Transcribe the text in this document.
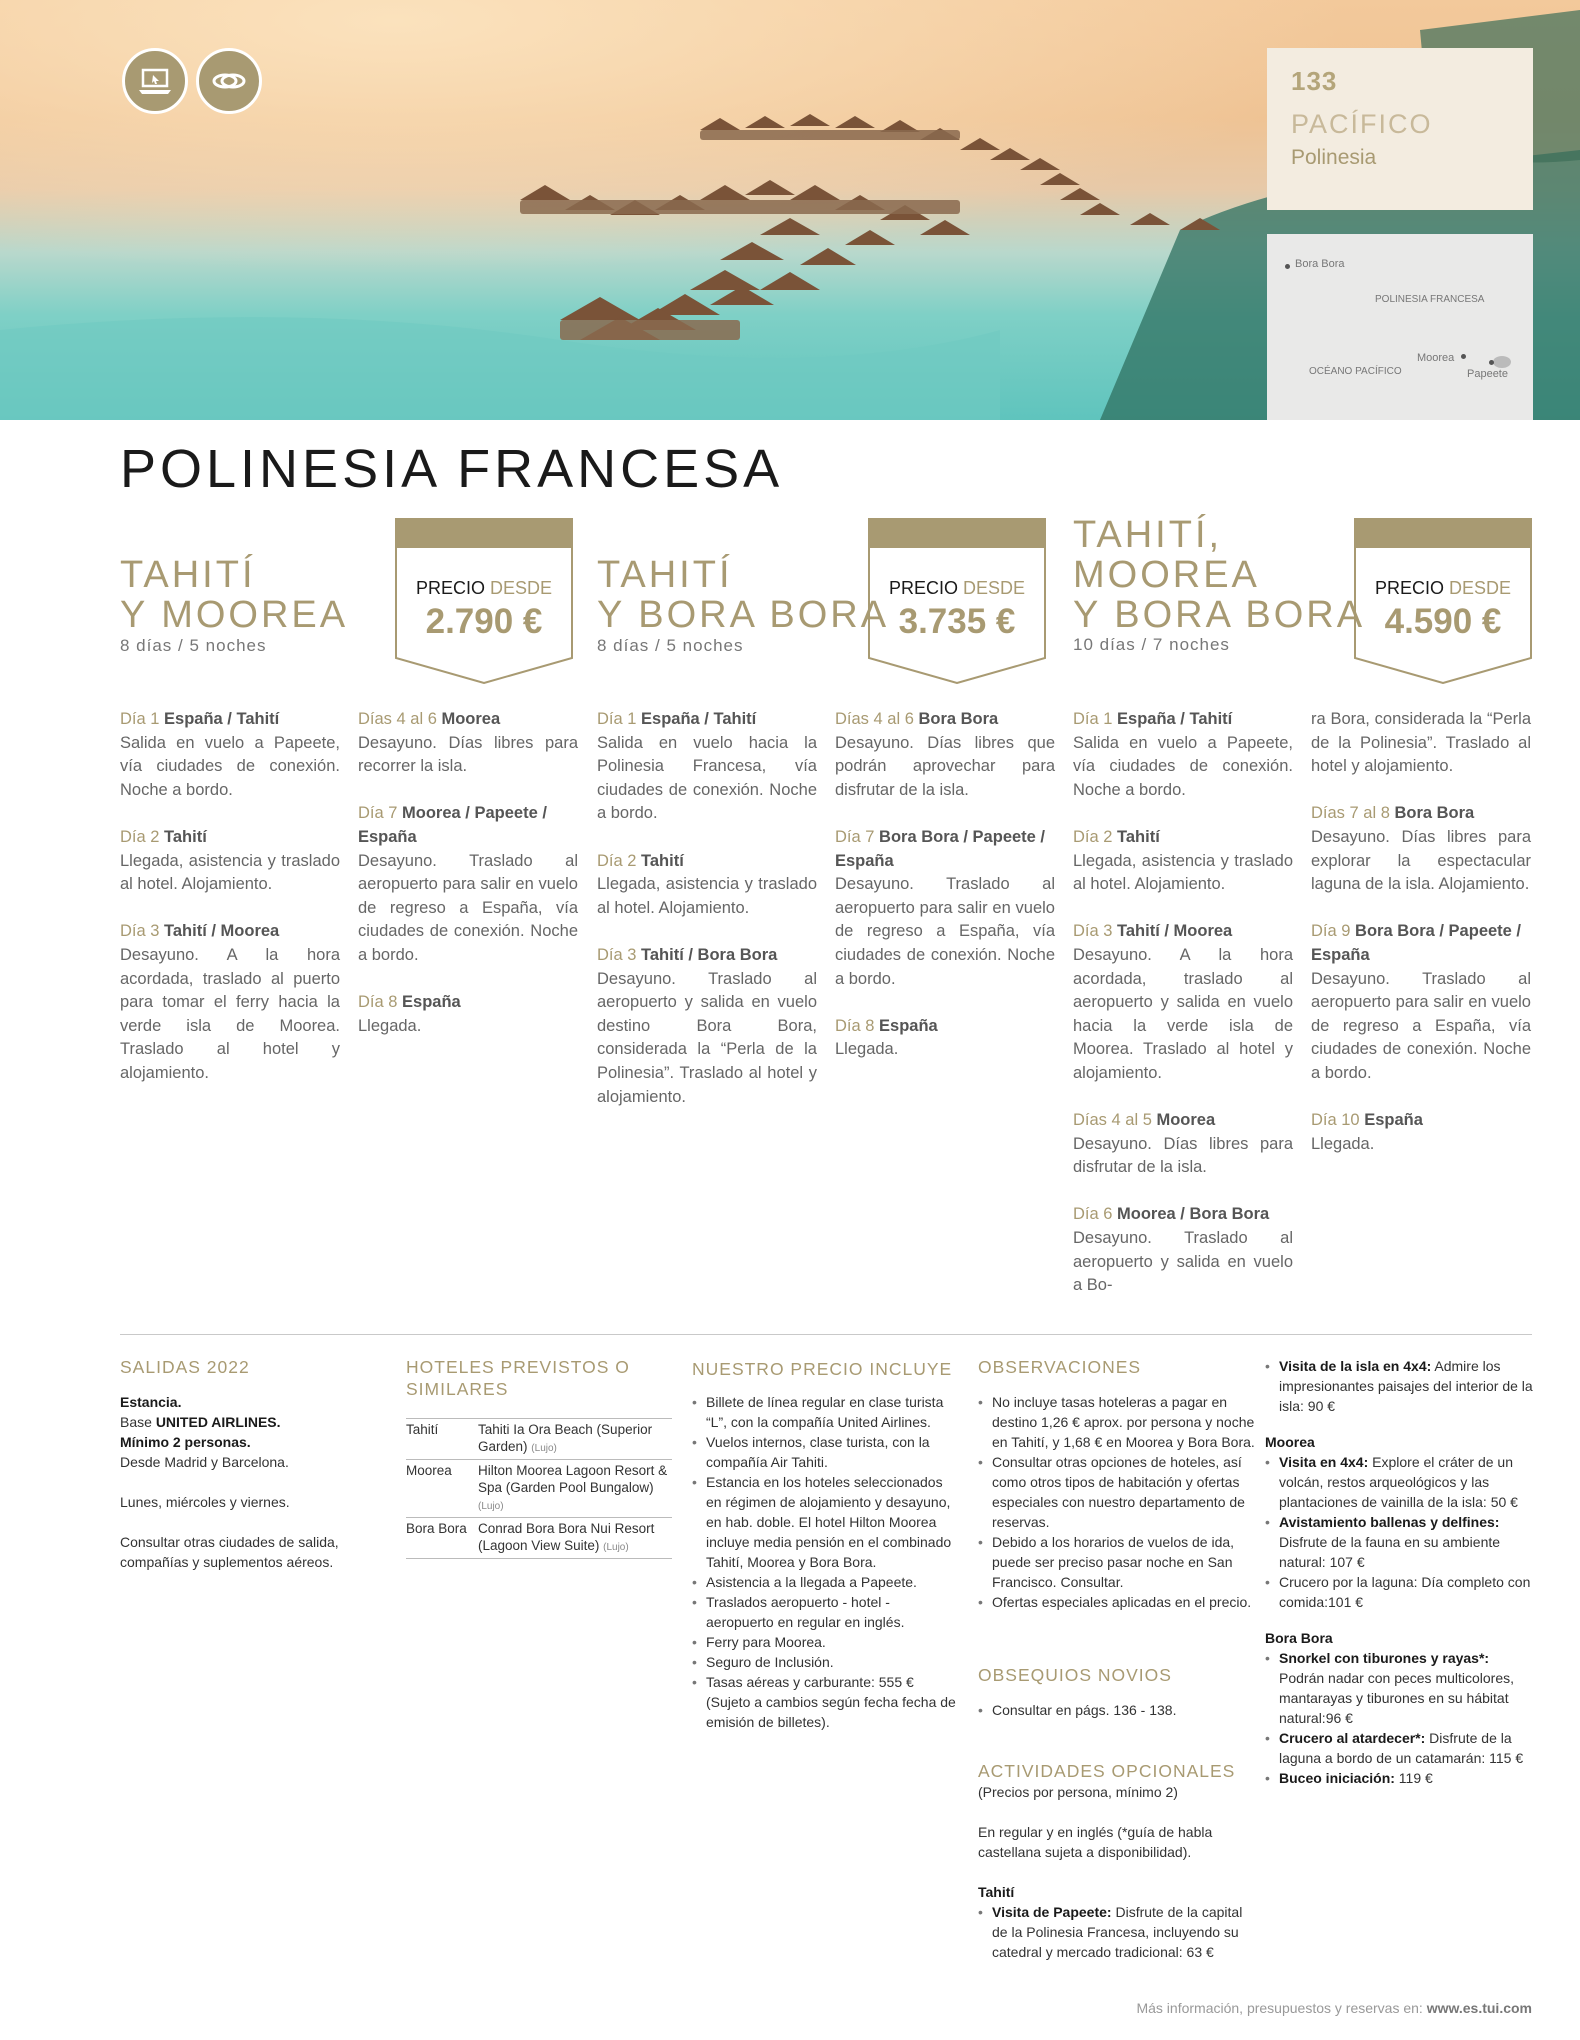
133
PACÍFICO
Polinesia
Bora Bora
POLINESIA FRANCESA
OCÉANO PACÍFICO
Moorea
Papeete
POLINESIA FRANCESA
TAHITÍ
Y MOOREA
8 días / 5 noches
PRECIO DESDE
2.790 €
TAHITÍ
Y BORA BORA
8 días / 5 noches
PRECIO DESDE
3.735 €
TAHITÍ,
MOOREA
Y BORA BORA
10 días / 7 noches
PRECIO DESDE
4.590 €
Día 1 España / Tahití
Salida en vuelo a Papeete, vía ciudades de conexión. Noche a bordo.
Día 2 Tahití
Llegada, asistencia y traslado al hotel. Alojamiento.
Día 3 Tahití / Moorea
Desayuno. A la hora acordada, traslado al puerto para tomar el ferry hacia la verde isla de Moorea. Traslado al hotel y alojamiento.
Días 4 al 6 Moorea
Desayuno. Días libres para recorrer la isla.
Día 7 Moorea / Papeete / España
Desayuno. Traslado al aeropuerto para salir en vuelo de regreso a España, vía ciudades de conexión. Noche a bordo.
Día 8 España
Llegada.
Día 1 España / Tahití
Salida en vuelo hacia la Polinesia Francesa, vía ciudades de conexión. Noche a bordo.
Día 2 Tahití
Llegada, asistencia y traslado al hotel. Alojamiento.
Día 3 Tahití / Bora Bora
Desayuno. Traslado al aeropuerto y salida en vuelo destino Bora Bora, considerada la “Perla de la Polinesia”. Traslado al hotel y alojamiento.
Días 4 al 6 Bora Bora
Desayuno. Días libres que podrán aprovechar para disfrutar de la isla.
Día 7 Bora Bora / Papeete / España
Desayuno. Traslado al aeropuerto para salir en vuelo de regreso a España, vía ciudades de conexión. Noche a bordo.
Día 8 España
Llegada.
Día 1 España / Tahití
Salida en vuelo a Papeete, vía ciudades de conexión. Noche a bordo.
Día 2 Tahití
Llegada, asistencia y traslado al hotel. Alojamiento.
Día 3 Tahití / Moorea
Desayuno. A la hora acordada, traslado al aeropuerto y salida en vuelo hacia la verde isla de Moorea. Traslado al hotel y alojamiento.
Días 4 al 5 Moorea
Desayuno. Días libres para disfrutar de la isla.
Día 6 Moorea / Bora Bora
Desayuno. Traslado al aeropuerto y salida en vuelo a Bo-
ra Bora, considerada la “Perla de la Polinesia”. Traslado al hotel y alojamiento.
Días 7 al 8 Bora Bora
Desayuno. Días libres para explorar la espectacular laguna de la isla. Alojamiento.
Día 9 Bora Bora / Papeete / España
Desayuno. Traslado al aeropuerto para salir en vuelo de regreso a España, vía ciudades de conexión. Noche a bordo.
Día 10 España
Llegada.
SALIDAS 2022

Estancia.

Base UNITED AIRLINES.

Mínimo 2 personas.

Desde Madrid y Barcelona.

Lunes, miércoles y viernes.

Consultar otras ciudades de salida, compañías y suplementos aéreos.

HOTELES PREVISTOS O SIMILARES
Tahití	Tahiti Ia Ora Beach (Superior Garden) (Lujo)
Moorea	Hilton Moorea Lagoon Resort & Spa (Garden Pool Bungalow) (Lujo)
Bora Bora Conrad Bora Bora Nui Resort (Lagoon View Suite) (Lujo)
NUESTRO PRECIO INCLUYE
• Billete de línea regular en clase turista “L”, con la compañía United Airlines.
• Vuelos internos, clase turista, con la compañía Air Tahiti.
• Estancia en los hoteles seleccionados en régimen de alojamiento y desayuno, en hab. doble. El hotel Hilton Moorea incluye media pensión en el combinado Tahití, Moorea y Bora Bora.
• Asistencia a la llegada a Papeete.
• Traslados aeropuerto - hotel - aeropuerto en regular en inglés.
• Ferry para Moorea.
• Seguro de Inclusión.
• Tasas aéreas y carburante: 555 € (Sujeto a cambios según fecha fecha de emisión de billetes).
OBSERVACIONES
• No incluye tasas hoteleras a pagar en destino 1,26 € aprox. por persona y noche en Tahití, y 1,68 € en Moorea y Bora Bora.
• Consultar otras opciones de hoteles, así como otros tipos de habitación y ofertas especiales con nuestro departamento de reservas.
• Debido a los horarios de vuelos de ida, puede ser preciso pasar noche en San Francisco. Consultar.
• Ofertas especiales aplicadas en el precio.
OBSEQUIOS NOVIOS
• Consultar en págs. 136 - 138.
ACTIVIDADES OPCIONALES

(Precios por persona, mínimo 2)

En regular y en inglés (*guía de habla castellana sujeta a disponibilidad).

Tahití

• Visita de Papeete: Disfrute de la capital de la Polinesia Francesa, incluyendo su catedral y mercado tradicional: 63 €
• Visita de la isla en 4x4: Admire los impresionantes paisajes del interior de la isla: 90 €

Moorea

• Visita en 4x4: Explore el cráter de un volcán, restos arqueológicos y las plantaciones de vainilla de la isla: 50 €
• Avistamiento ballenas y delfines: Disfrute de la fauna en su ambiente natural: 107 €
• Crucero por la laguna: Día completo con comida:101 €

Bora Bora

• Snorkel con tiburones y rayas*: Podrán nadar con peces multicolores, mantarayas y tiburones en su hábitat natural:96 €
• Crucero al atardecer*: Disfrute de la laguna a bordo de un catamarán: 115 €
• Buceo iniciación: 119 €
Más información, presupuestos y reservas en: www.es.tui.com
